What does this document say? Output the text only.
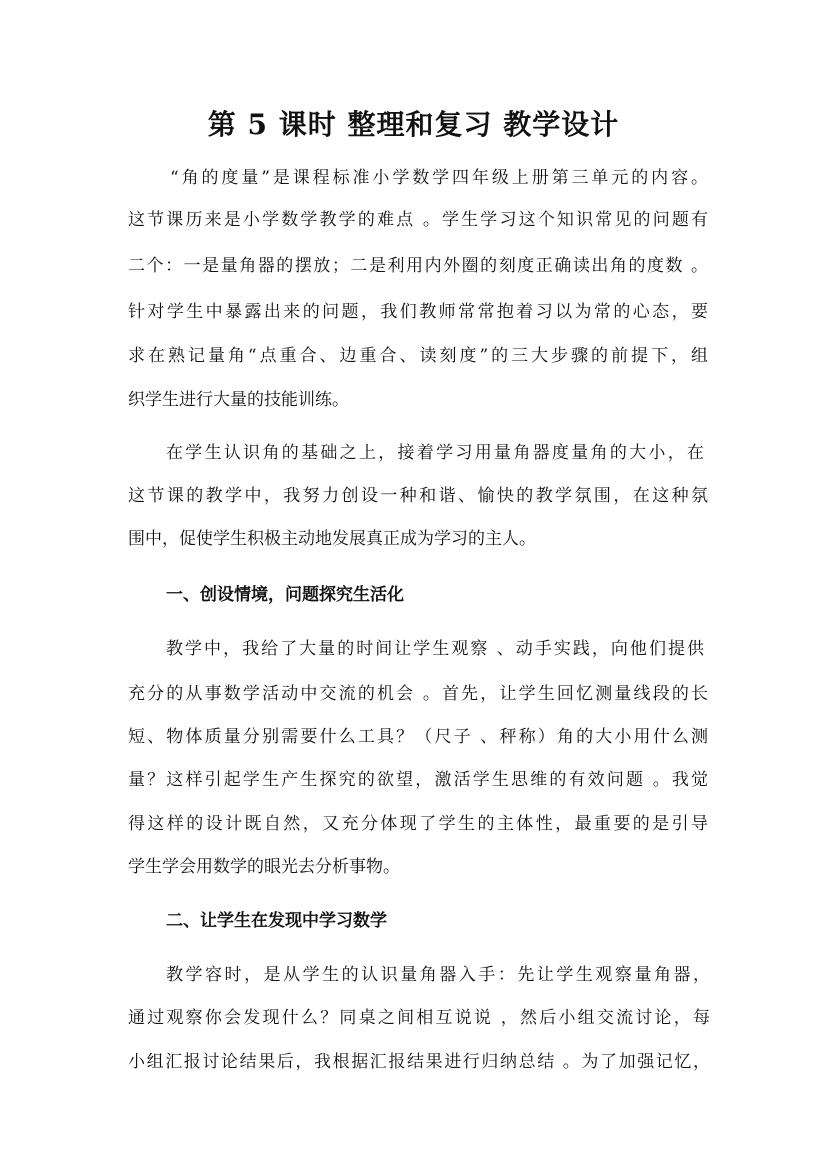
第 5 课时 整理和复习 教学设计
“角的度量”是课程标准小学数学四年级上册第三单元的内容。
这节课历来是小学数学教学的难点 。学生学习这个知识常见的问题有
二个：一是量角器的摆放；二是利用内外圈的刻度正确读出角的度数 。
针对学生中暴露出来的问题，我们教师常常抱着习以为常的心态，要
求在熟记量角“点重合、边重合、读刻度”的三大步骤的前提下，组
织学生进行大量的技能训练。
在学生认识角的基础之上，接着学习用量角器度量角的大小，在
这节课的教学中，我努力创设一种和谐、愉快的教学氛围，在这种氛
围中，促使学生积极主动地发展真正成为学习的主人。
一、创设情境，问题探究生活化
教学中，我给了大量的时间让学生观察 、动手实践，向他们提供
充分的从事数学活动中交流的机会 。首先，让学生回忆测量线段的长
短、物体质量分别需要什么工具？（尺子 、秤称）角的大小用什么测
量？这样引起学生产生探究的欲望，激活学生思维的有效问题 。我觉
得这样的设计既自然，又充分体现了学生的主体性，最重要的是引导
学生学会用数学的眼光去分析事物。
二、让学生在发现中学习数学
教学容时，是从学生的认识量角器入手：先让学生观察量角器，
通过观察你会发现什么？同桌之间相互说说 ，然后小组交流讨论，每
小组汇报讨论结果后，我根据汇报结果进行归纳总结 。为了加强记忆，
